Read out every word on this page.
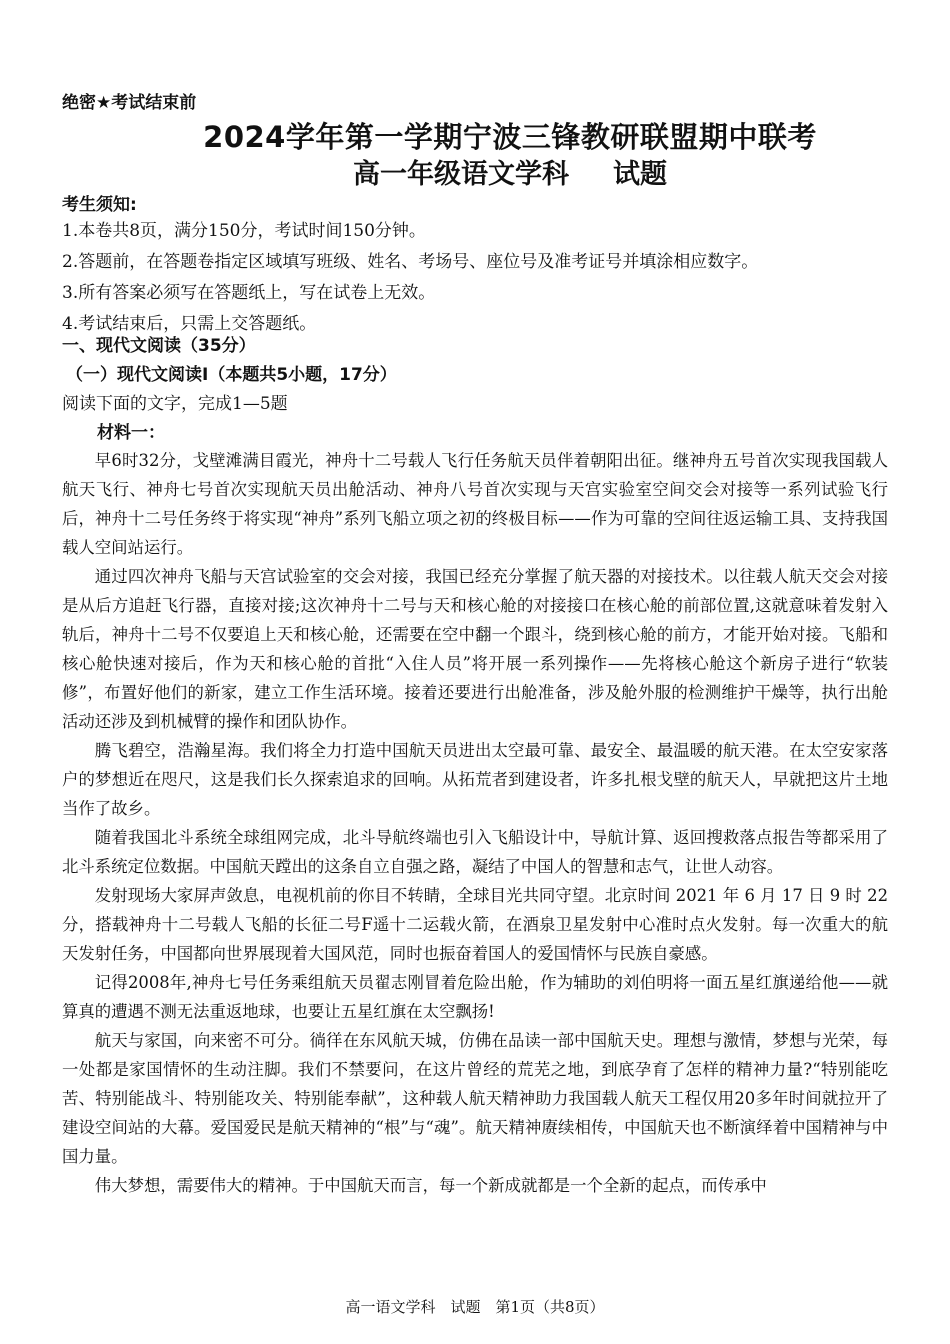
绝密★考试结束前
2024学年第一学期宁波三锋教研联盟期中联考
高一年级语文学科 试题
考生须知:
1.本卷共8页，满分150分，考试时间150分钟。
2.答题前，在答题卷指定区域填写班级、姓名、考场号、座位号及准考证号并填涂相应数字。
3.所有答案必须写在答题纸上，写在试卷上无效。
4.考试结束后，只需上交答题纸。
一、现代文阅读（35分）
（一）现代文阅读Ⅰ（本题共5小题，17分）
阅读下面的文字，完成1—5题
材料一：

早6时32分，戈壁滩满目霞光，神舟十二号载人飞行任务航天员伴着朝阳出征。继神舟五号首次实现我国载人航天飞行、神舟七号首次实现航天员出舱活动、神舟八号首次实现与天宫实验室空间交会对接等一系列试验飞行后，神舟十二号任务终于将实现“神舟”系列飞船立项之初的终极目标——作为可靠的空间往返运输工具、支持我国载人空间站运行。

通过四次神舟飞船与天宫试验室的交会对接，我国已经充分掌握了航天器的对接技术。以往载人航天交会对接是从后方追赶飞行器，直接对接;这次神舟十二号与天和核心舱的对接接口在核心舱的前部位置,这就意味着发射入轨后，神舟十二号不仅要追上天和核心舱，还需要在空中翻一个跟斗，绕到核心舱的前方，才能开始对接。飞船和核心舱快速对接后，作为天和核心舱的首批“入住人员”将开展一系列操作——先将核心舱这个新房子进行“软装修”，布置好他们的新家，建立工作生活环境。接着还要进行出舱准备，涉及舱外服的检测维护干燥等，执行出舱活动还涉及到机械臂的操作和团队协作。

腾飞碧空，浩瀚星海。我们将全力打造中国航天员进出太空最可靠、最安全、最温暖的航天港。在太空安家落户的梦想近在咫尺，这是我们长久探索追求的回响。从拓荒者到建设者，许多扎根戈壁的航天人，早就把这片土地当作了故乡。

随着我国北斗系统全球组网完成，北斗导航终端也引入飞船设计中，导航计算、返回搜救落点报告等都采用了北斗系统定位数据。中国航天蹚出的这条自立自强之路，凝结了中国人的智慧和志气，让世人动容。

发射现场大家屏声敛息，电视机前的你目不转睛，全球目光共同守望。北京时间 2021 年 6 月 17 日 9 时 22 分，搭载神舟十二号载人飞船的长征二号F遥十二运载火箭，在酒泉卫星发射中心准时点火发射。每一次重大的航天发射任务，中国都向世界展现着大国风范，同时也振奋着国人的爱国情怀与民族自豪感。

记得2008年,神舟七号任务乘组航天员翟志刚冒着危险出舱，作为辅助的刘伯明将一面五星红旗递给他——就算真的遭遇不测无法重返地球，也要让五星红旗在太空飘扬!

航天与家国，向来密不可分。徜徉在东风航天城，仿佛在品读一部中国航天史。理想与激情，梦想与光荣，每一处都是家国情怀的生动注脚。我们不禁要问，在这片曾经的荒芜之地，到底孕育了怎样的精神力量?“特别能吃苦、特别能战斗、特别能攻关、特别能奉献”，这种载人航天精神助力我国载人航天工程仅用20多年时间就拉开了建设空间站的大幕。爱国爱民是航天精神的“根”与“魂”。航天精神赓续相传，中国航天也不断演绎着中国精神与中国力量。

伟大梦想，需要伟大的精神。于中国航天而言，每一个新成就都是一个全新的起点，而传承中

高一语文学科　试题　第1页（共8页）
